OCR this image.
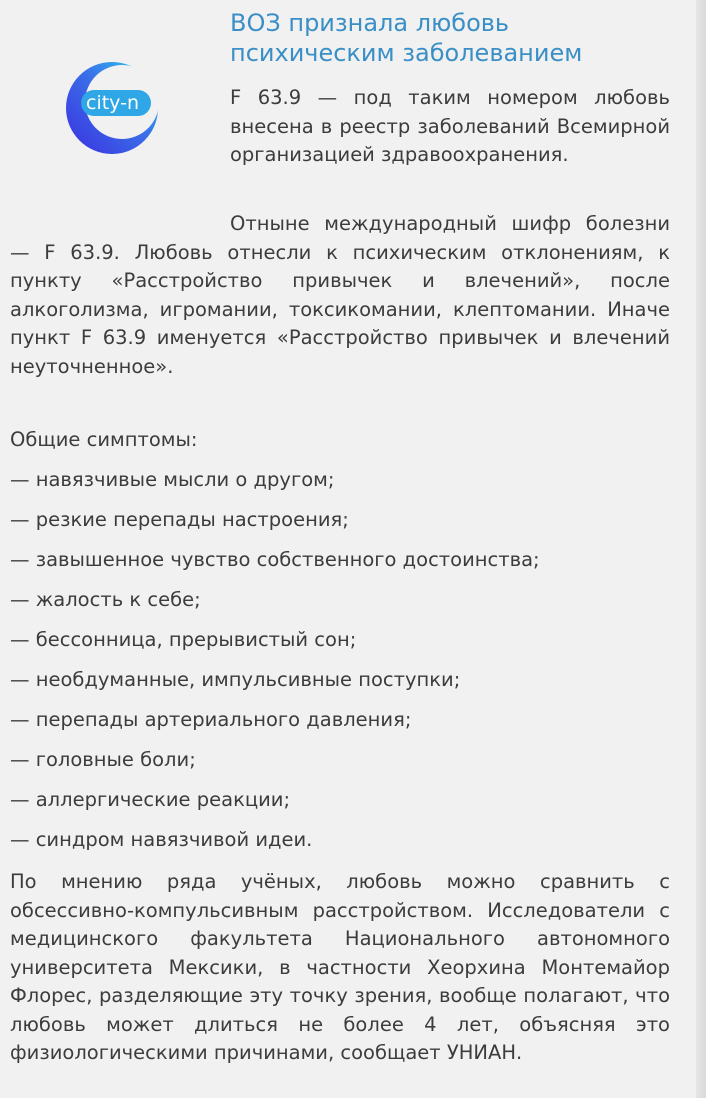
city-n
ВОЗ признала любовь психическим заболеванием

F 63.9 — под таким номером любовь внесена в реестр заболеваний Всемирной организацией здравоохранения.

Отныне международный шифр болезни — F 63.9. Любовь отнесли к психическим отклонениям, к пункту «Расстройство привычек и влечений», после алкоголизма, игромании, токсикомании, клептомании. Иначе пункт F 63.9 именуется «Расстройство привычек и влечений неуточненное».

Общие симптомы:

— навязчивые мысли о другом;
— резкие перепады настроения;
— завышенное чувство собственного достоинства;
— жалость к себе;
— бессонница, прерывистый сон;
— необдуманные, импульсивные поступки;
— перепады артериального давления;
— головные боли;
— аллергические реакции;
— синдром навязчивой идеи.

По мнению ряда учёных, любовь можно сравнить с обсессивно-компульсивным расстройством. Исследователи с медицинского факультета Национального автономного университета Мексики, в частности Хеорхина Монтемайор Флорес, разделяющие эту точку зрения, вообще полагают, что любовь может длиться не более 4 лет, объясняя это физиологическими причинами, сообщает УНИАН.
